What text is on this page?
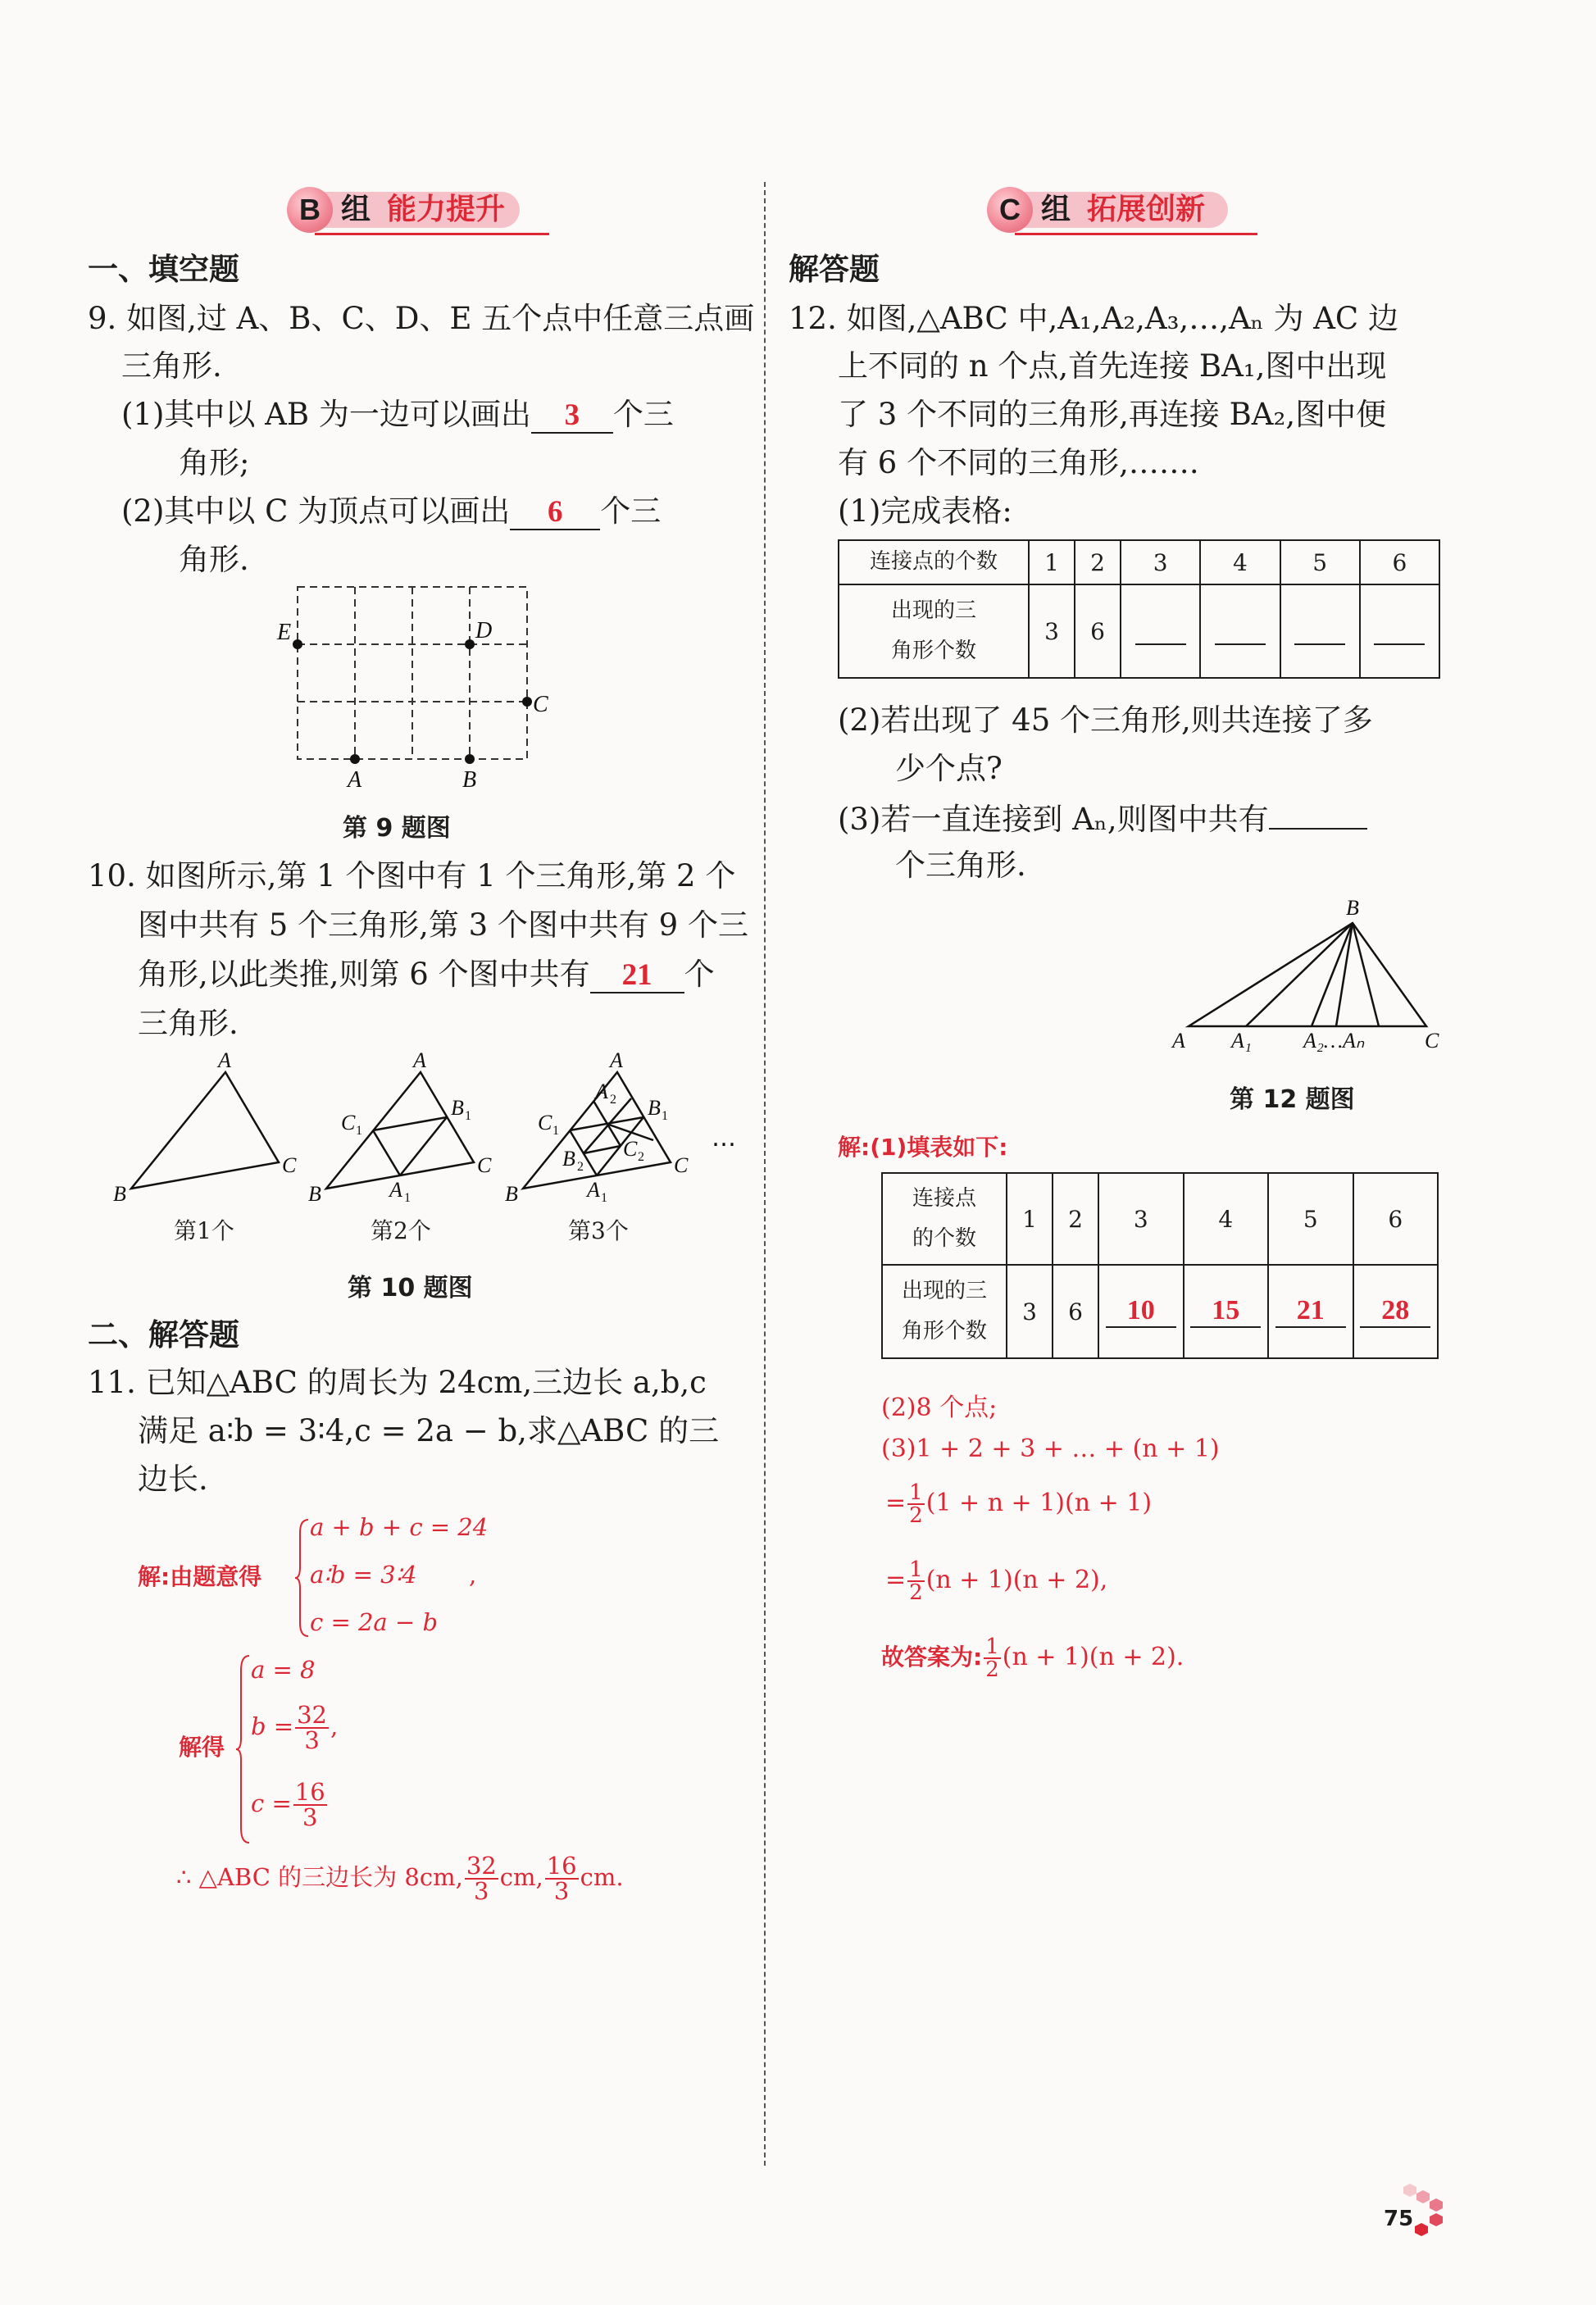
B 组 能力提升
一、填空题
9. 如图,过 A、B、C、D、E 五个点中任意三点画
三角形.
(1)其中以 AB 为一边可以画出 3 个三
角形;
(2)其中以 C 为顶点可以画出 6 个三
角形.
E	D
C
A	B
第 9 题图
10. 如图所示,第 1 个图中有 1 个三角形,第 2 个
图中共有 5 个三角形,第 3 个图中共有 9 个三
角形,以此类推,则第 6 个图中共有 21 个
三角形.
A
B
C
A
B
C
C
B
A
A
B
C
C
B
A
A
B C
1
1
1
1
1
1
2
2
2
…
第1个	第2个	第3个
第 10 题图
二、解答题
11. 已知△ABC 的周长为 24cm,三边长 a,b,c
满足 a∶b = 3∶4,c = 2a − b,求△ABC 的三
边长.
解:由题意得
a + b + c = 24
a∶b = 3∶4
c = 2a − b
,
解得
a = 8
$b = \frac{32}{3}$ ,
$c = \frac{16}{3}$
∴ △ABC 的三边长为 8cm, $\frac{32}{3}$ cm, $\frac{16}{3}$ cm.
C 组 拓展创新
解答题
12. 如图,△ABC 中,A₁,A₂,A₃,…,Aₙ 为 AC 边
上不同的 n 个点,首先连接 BA₁,图中出现
了 3 个不同的三角形,再连接 BA₂,图中便
有 6 个不同的三角形,…….
(1)完成表格:
连接点的个数	1	2	3	4	5	6

出现的三
角形个数	3	6				
(2)若出现了 45 个三角形,则共连接了多
少个点?
(3)若一直连接到 Aₙ,则图中共有
个三角形.
B
A A₁ A₂…Aₙ	C
第 12 题图
解:(1)填表如下:
连接点
的个数	1	2	3	4	5	6

出现的三
角形个数	3	6	10	15	21	28
(2)8 个点;
(3)1 + 2 + 3 + … + (n + 1)
= $\frac{1}{2} (1 + n + 1)(n + 1)$
= $\frac{1}{2} (n + 1)(n + 2)$,
故答案为: $\frac{1}{2} (n + 1)(n + 2)$.
75
